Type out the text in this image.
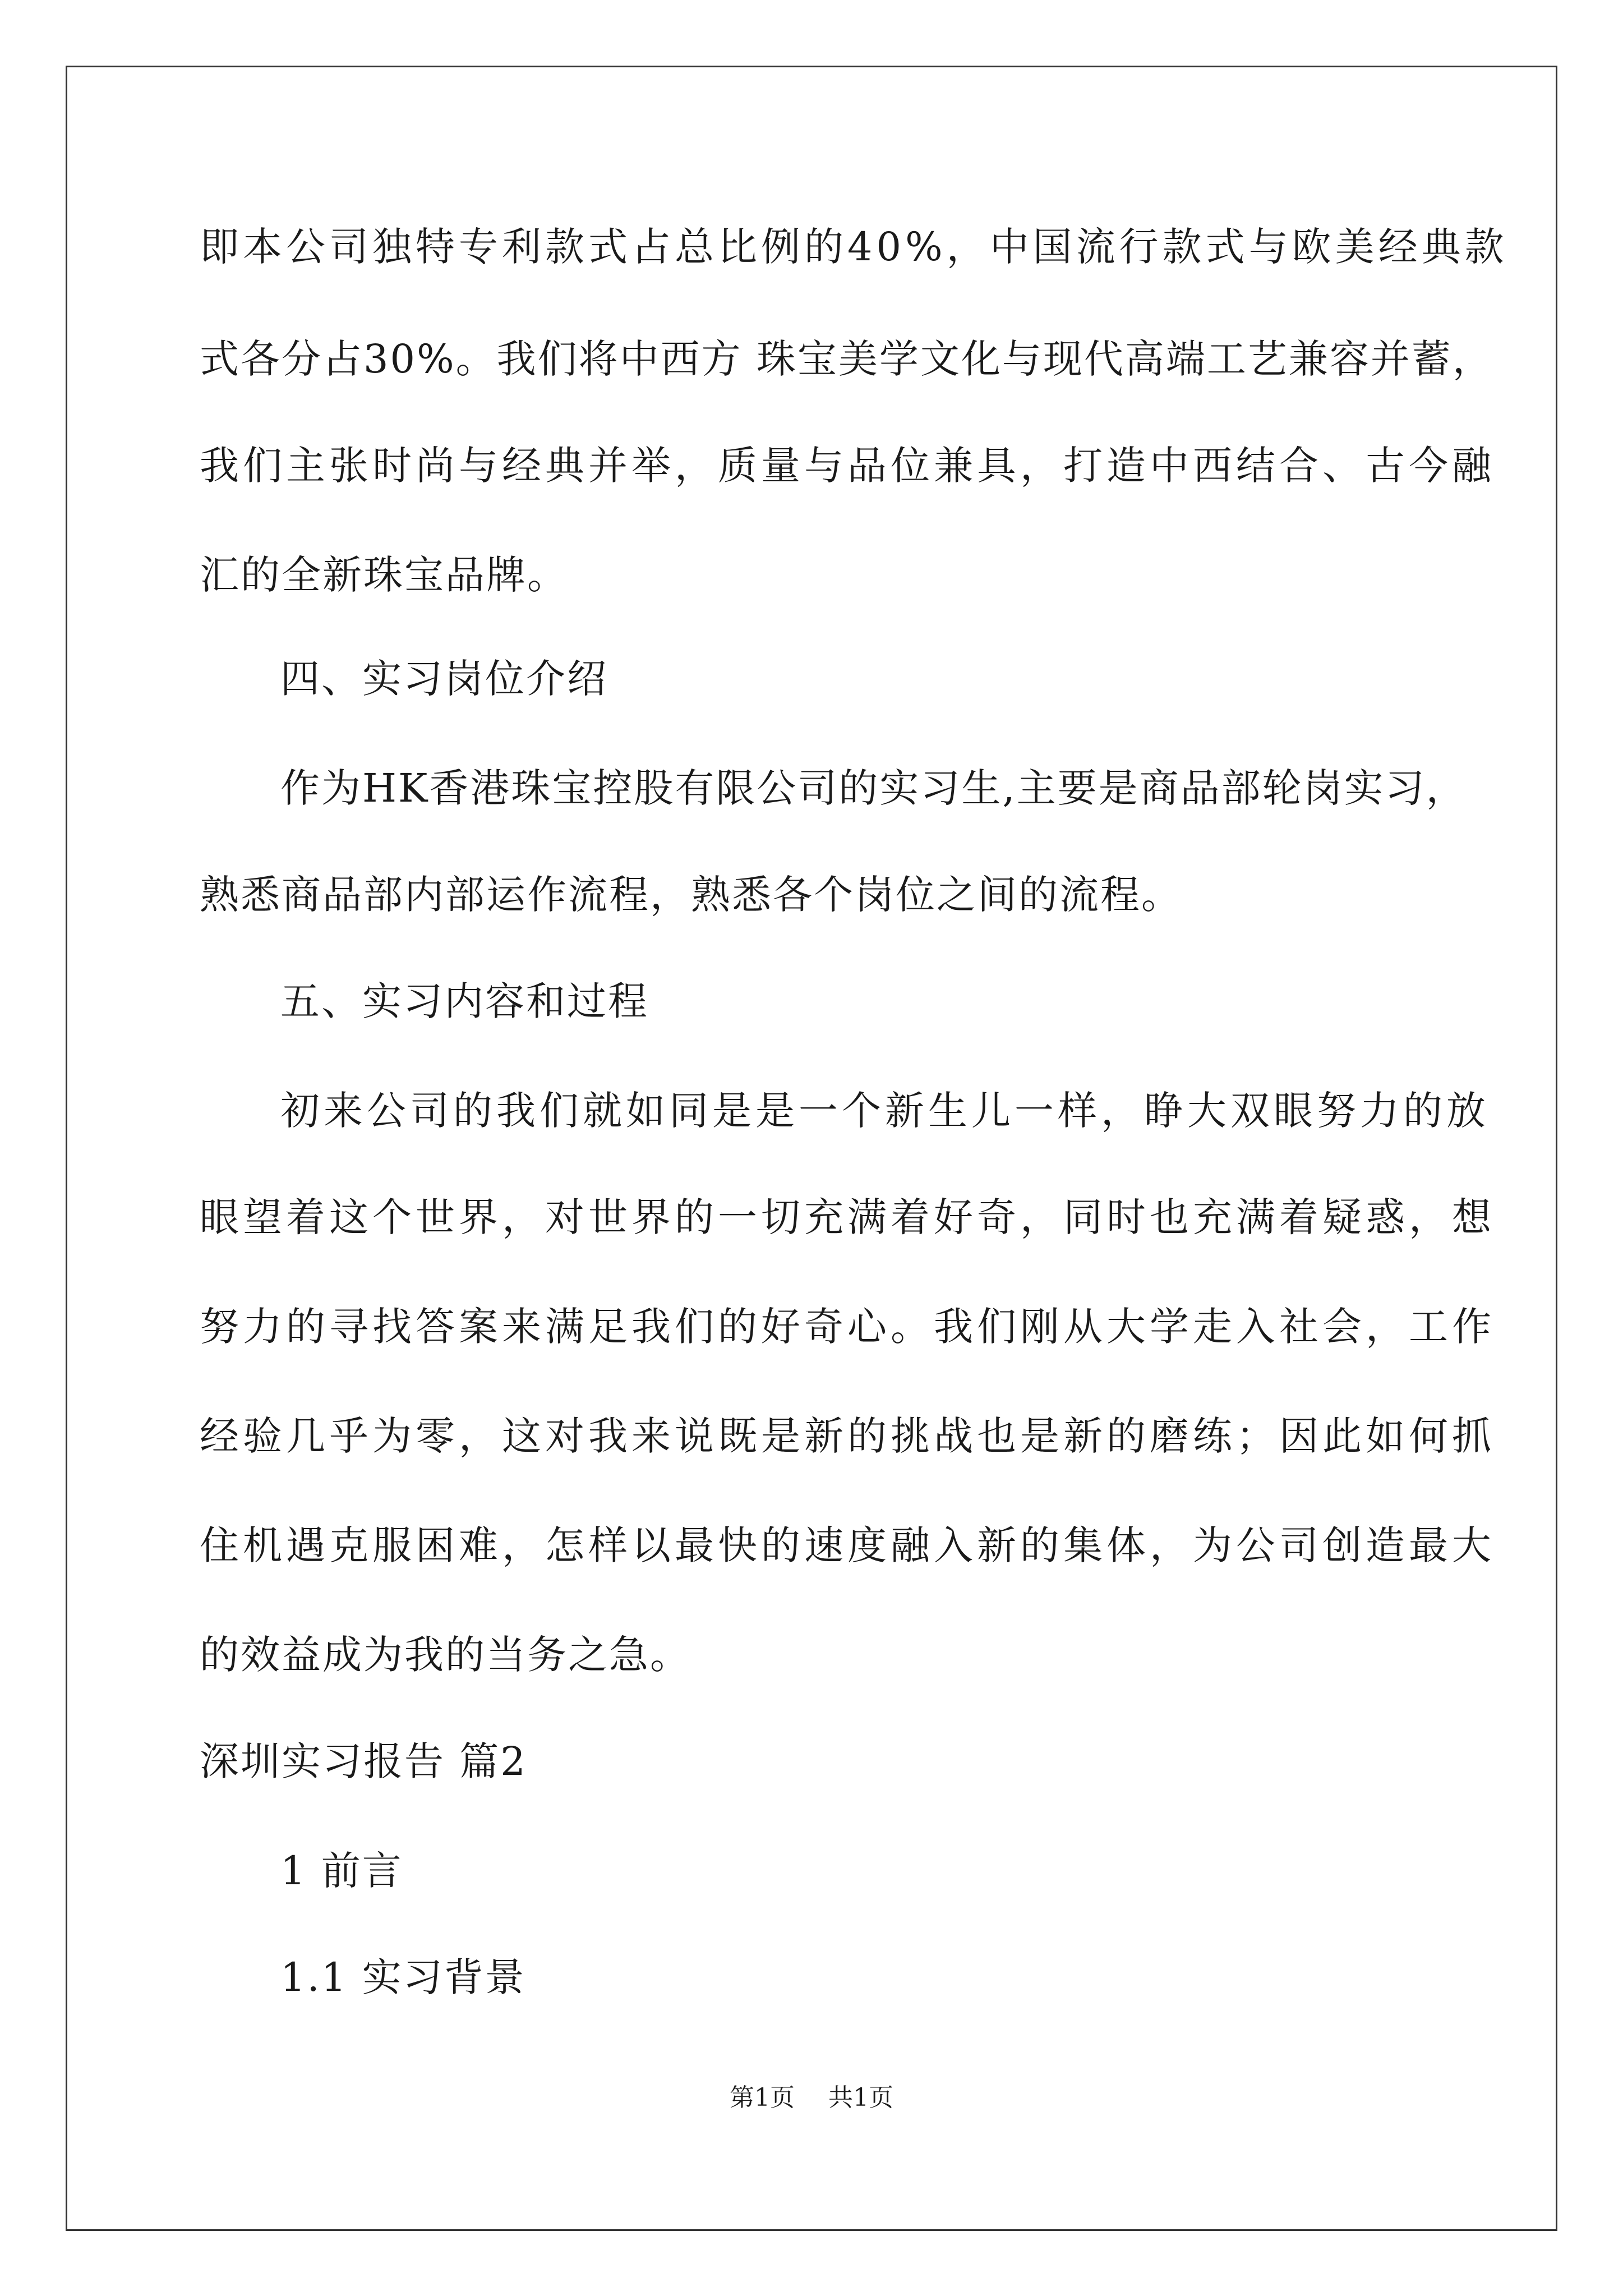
即本公司独特专利款式占总比例的40%，中国流行款式与欧美经典款
式各分占30%。我们将中西方 珠宝美学文化与现代高端工艺兼容并蓄，
我们主张时尚与经典并举，质量与品位兼具，打造中西结合、古今融
汇的全新珠宝品牌。
四、实习岗位介绍
作为HK香港珠宝控股有限公司的实习生,主要是商品部轮岗实习，
熟悉商品部内部运作流程，熟悉各个岗位之间的流程。
五、实习内容和过程
初来公司的我们就如同是是一个新生儿一样，睁大双眼努力的放
眼望着这个世界，对世界的一切充满着好奇，同时也充满着疑惑，想
努力的寻找答案来满足我们的好奇心。我们刚从大学走入社会，工作
经验几乎为零，这对我来说既是新的挑战也是新的磨练；因此如何抓
住机遇克服困难，怎样以最快的速度融入新的集体，为公司创造最大
的效益成为我的当务之急。
深圳实习报告 篇2
1 前言
1.1 实习背景
第1页 共1页
